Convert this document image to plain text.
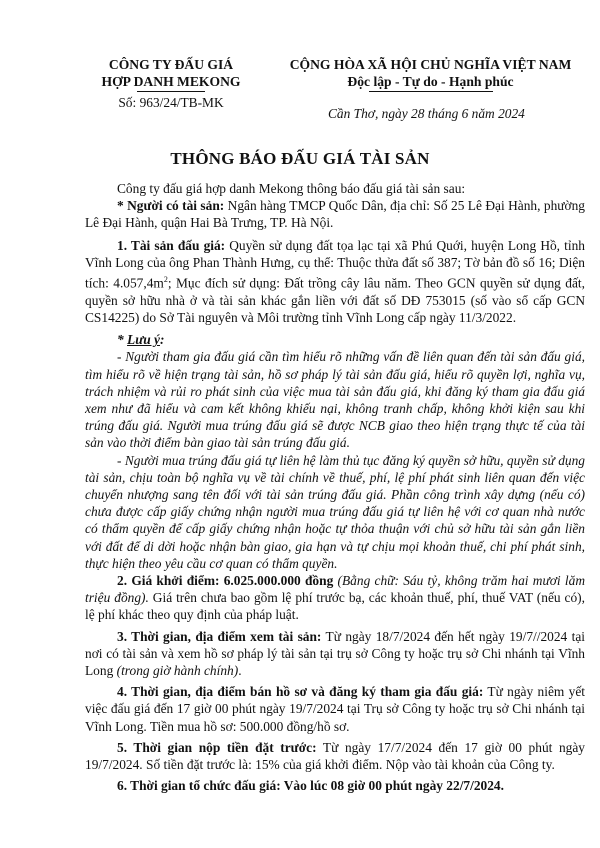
CÔNG TY ĐẤU GIÁ
HỢP DANH MEKONG
Số: 963/24/TB-MK
CỘNG HÒA XÃ HỘI CHỦ NGHĨA VIỆT NAM
Độc lập - Tự do - Hạnh phúc
Cần Thơ, ngày 28 tháng 6 năm 2024
THÔNG BÁO ĐẤU GIÁ TÀI SẢN

Công ty đấu giá hợp danh Mekong thông báo đấu giá tài sản sau:

* Người có tài sản: Ngân hàng TMCP Quốc Dân, địa chỉ: Số 25 Lê Đại Hành, phường Lê Đại Hành, quận Hai Bà Trưng, TP. Hà Nội.

1. Tài sản đấu giá: Quyền sử dụng đất tọa lạc tại xã Phú Quới, huyện Long Hồ, tỉnh Vĩnh Long của ông Phan Thành Hưng, cụ thể: Thuộc thửa đất số 387; Tờ bản đồ số 16; Diện tích: $4.057,4m^2$; Mục đích sử dụng: Đất trồng cây lâu năm. Theo GCN quyền sử dụng đất, quyền sở hữu nhà ở và tài sản khác gắn liền với đất số DĐ 753015 (số vào sổ cấp GCN CS14225) do Sở Tài nguyên và Môi trường tỉnh Vĩnh Long cấp ngày 11/3/2022.

* Lưu ý:

- Người tham gia đấu giá cần tìm hiểu rõ những vấn đề liên quan đến tài sản đấu giá, tìm hiểu rõ về hiện trạng tài sản, hồ sơ pháp lý tài sản đấu giá, hiểu rõ quyền lợi, nghĩa vụ, trách nhiệm và rủi ro phát sinh của việc mua tài sản đấu giá, khi đăng ký tham gia đấu giá xem như đã hiểu và cam kết không khiếu nại, không tranh chấp, không khởi kiện sau khi trúng đấu giá. Người mua trúng đấu giá sẽ được NCB giao theo hiện trạng thực tế của tài sản vào thời điểm bàn giao tài sản trúng đấu giá.

- Người mua trúng đấu giá tự liên hệ làm thủ tục đăng ký quyền sở hữu, quyền sử dụng tài sản, chịu toàn bộ nghĩa vụ về tài chính về thuế, phí, lệ phí phát sinh liên quan đến việc chuyển nhượng sang tên đối với tài sản trúng đấu giá. Phần công trình xây dựng (nếu có) chưa được cấp giấy chứng nhận người mua trúng đấu giá tự liên hệ với cơ quan nhà nước có thẩm quyền để cấp giấy chứng nhận hoặc tự thỏa thuận với chủ sở hữu tài sản gắn liền với đất để di dời hoặc nhận bàn giao, gia hạn và tự chịu mọi khoản thuế, chi phí phát sinh, thực hiện theo yêu cầu cơ quan có thẩm quyền.

2. Giá khởi điểm: 6.025.000.000 đồng (Bằng chữ: Sáu tỷ, không trăm hai mươi lăm triệu đồng). Giá trên chưa bao gồm lệ phí trước bạ, các khoản thuế, phí, thuế VAT (nếu có), lệ phí khác theo quy định của pháp luật.

3. Thời gian, địa điểm xem tài sản: Từ ngày 18/7/2024 đến hết ngày 19/7//2024 tại nơi có tài sản và xem hồ sơ pháp lý tài sản tại trụ sở Công ty hoặc trụ sở Chi nhánh tại Vĩnh Long (trong giờ hành chính).

4. Thời gian, địa điểm bán hồ sơ và đăng ký tham gia đấu giá: Từ ngày niêm yết việc đấu giá đến 17 giờ 00 phút ngày 19/7/2024 tại Trụ sở Công ty hoặc trụ sở Chi nhánh tại Vĩnh Long. Tiền mua hồ sơ: 500.000 đồng/hồ sơ.

5. Thời gian nộp tiền đặt trước: Từ ngày 17/7/2024 đến 17 giờ 00 phút ngày 19/7/2024. Số tiền đặt trước là: 15% của giá khởi điểm. Nộp vào tài khoản của Công ty.

6. Thời gian tổ chức đấu giá: Vào lúc 08 giờ 00 phút ngày 22/7/2024.
